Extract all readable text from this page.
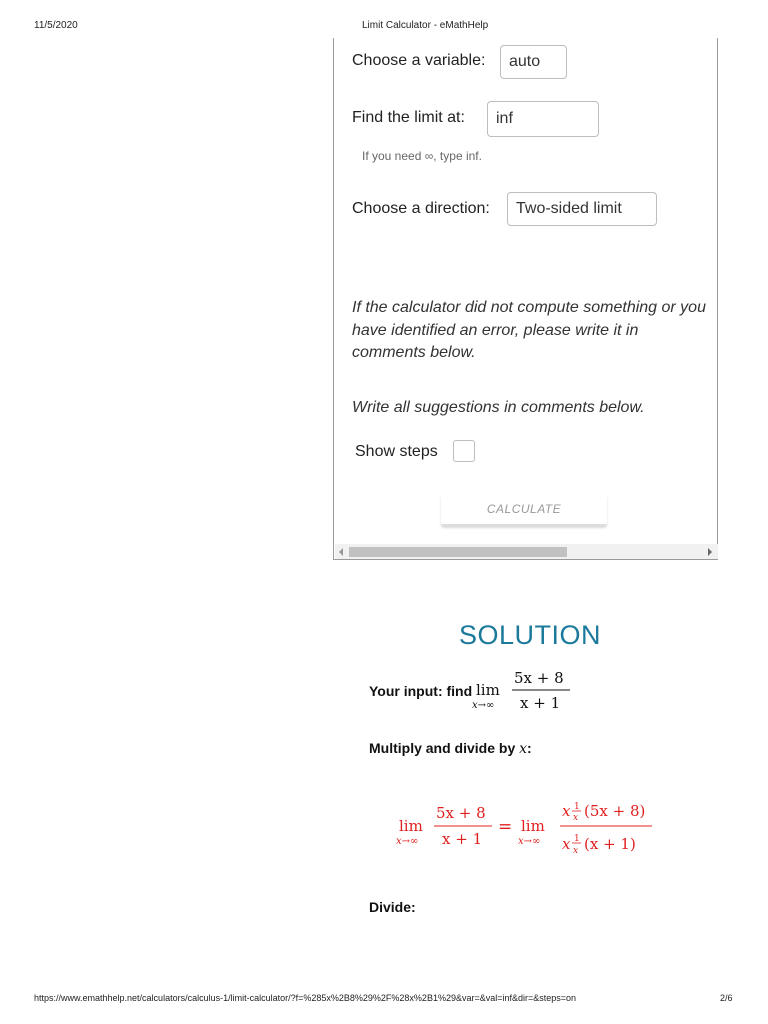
11/5/2020	Limit Calculator - eMathHelp
Choose a variable:	auto
Find the limit at:	inf
If you need ∞, type inf.
Choose a direction:	Two-sided limit
If the calculator did not compute something or you have identified an error, please write it in comments below.
Write all suggestions in comments below.
Show steps
CALCULATE
SOLUTION
Your input: find lim
x→∞
5x + 8
x + 1
Multiply and divide by x:
lim
x→∞
5x + 8
x + 1
= lim
x→∞
x 1
x (5x + 8)
x 1
x (x + 1)
Divide:
https://www.emathhelp.net/calculators/calculus-1/limit-calculator/?f=%285x%2B8%29%2F%28x%2B1%29&var=&val=inf&dir=&steps=on	2/6
